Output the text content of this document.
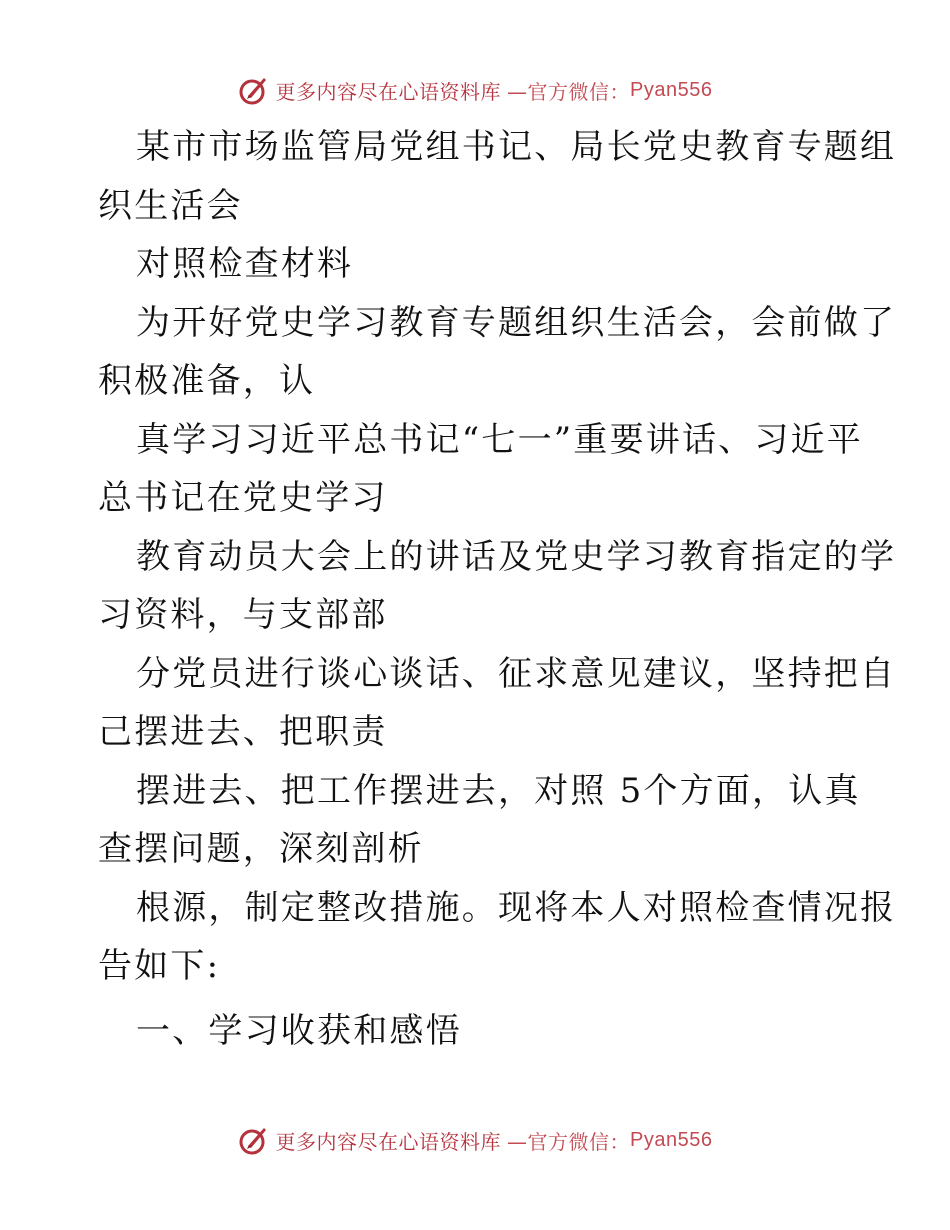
更多内容尽在心语资料库 —官方微信： Pyan556
某市市场监管局党组书记、局长党史教育专题组
织生活会
对照检查材料
为开好党史学习教育专题组织生活会，会前做了
积极准备，认
真学习习近平总书记“七一”重要讲话、习近平
总书记在党史学习
教育动员大会上的讲话及党史学习教育指定的学
习资料，与支部部
分党员进行谈心谈话、征求意见建议，坚持把自
己摆进去、把职责
摆进去、把工作摆进去，对照 5个方面，认真
查摆问题，深刻剖析
根源，制定整改措施。现将本人对照检查情况报
告如下:
一、学习收获和感悟
更多内容尽在心语资料库 —官方微信： Pyan556
